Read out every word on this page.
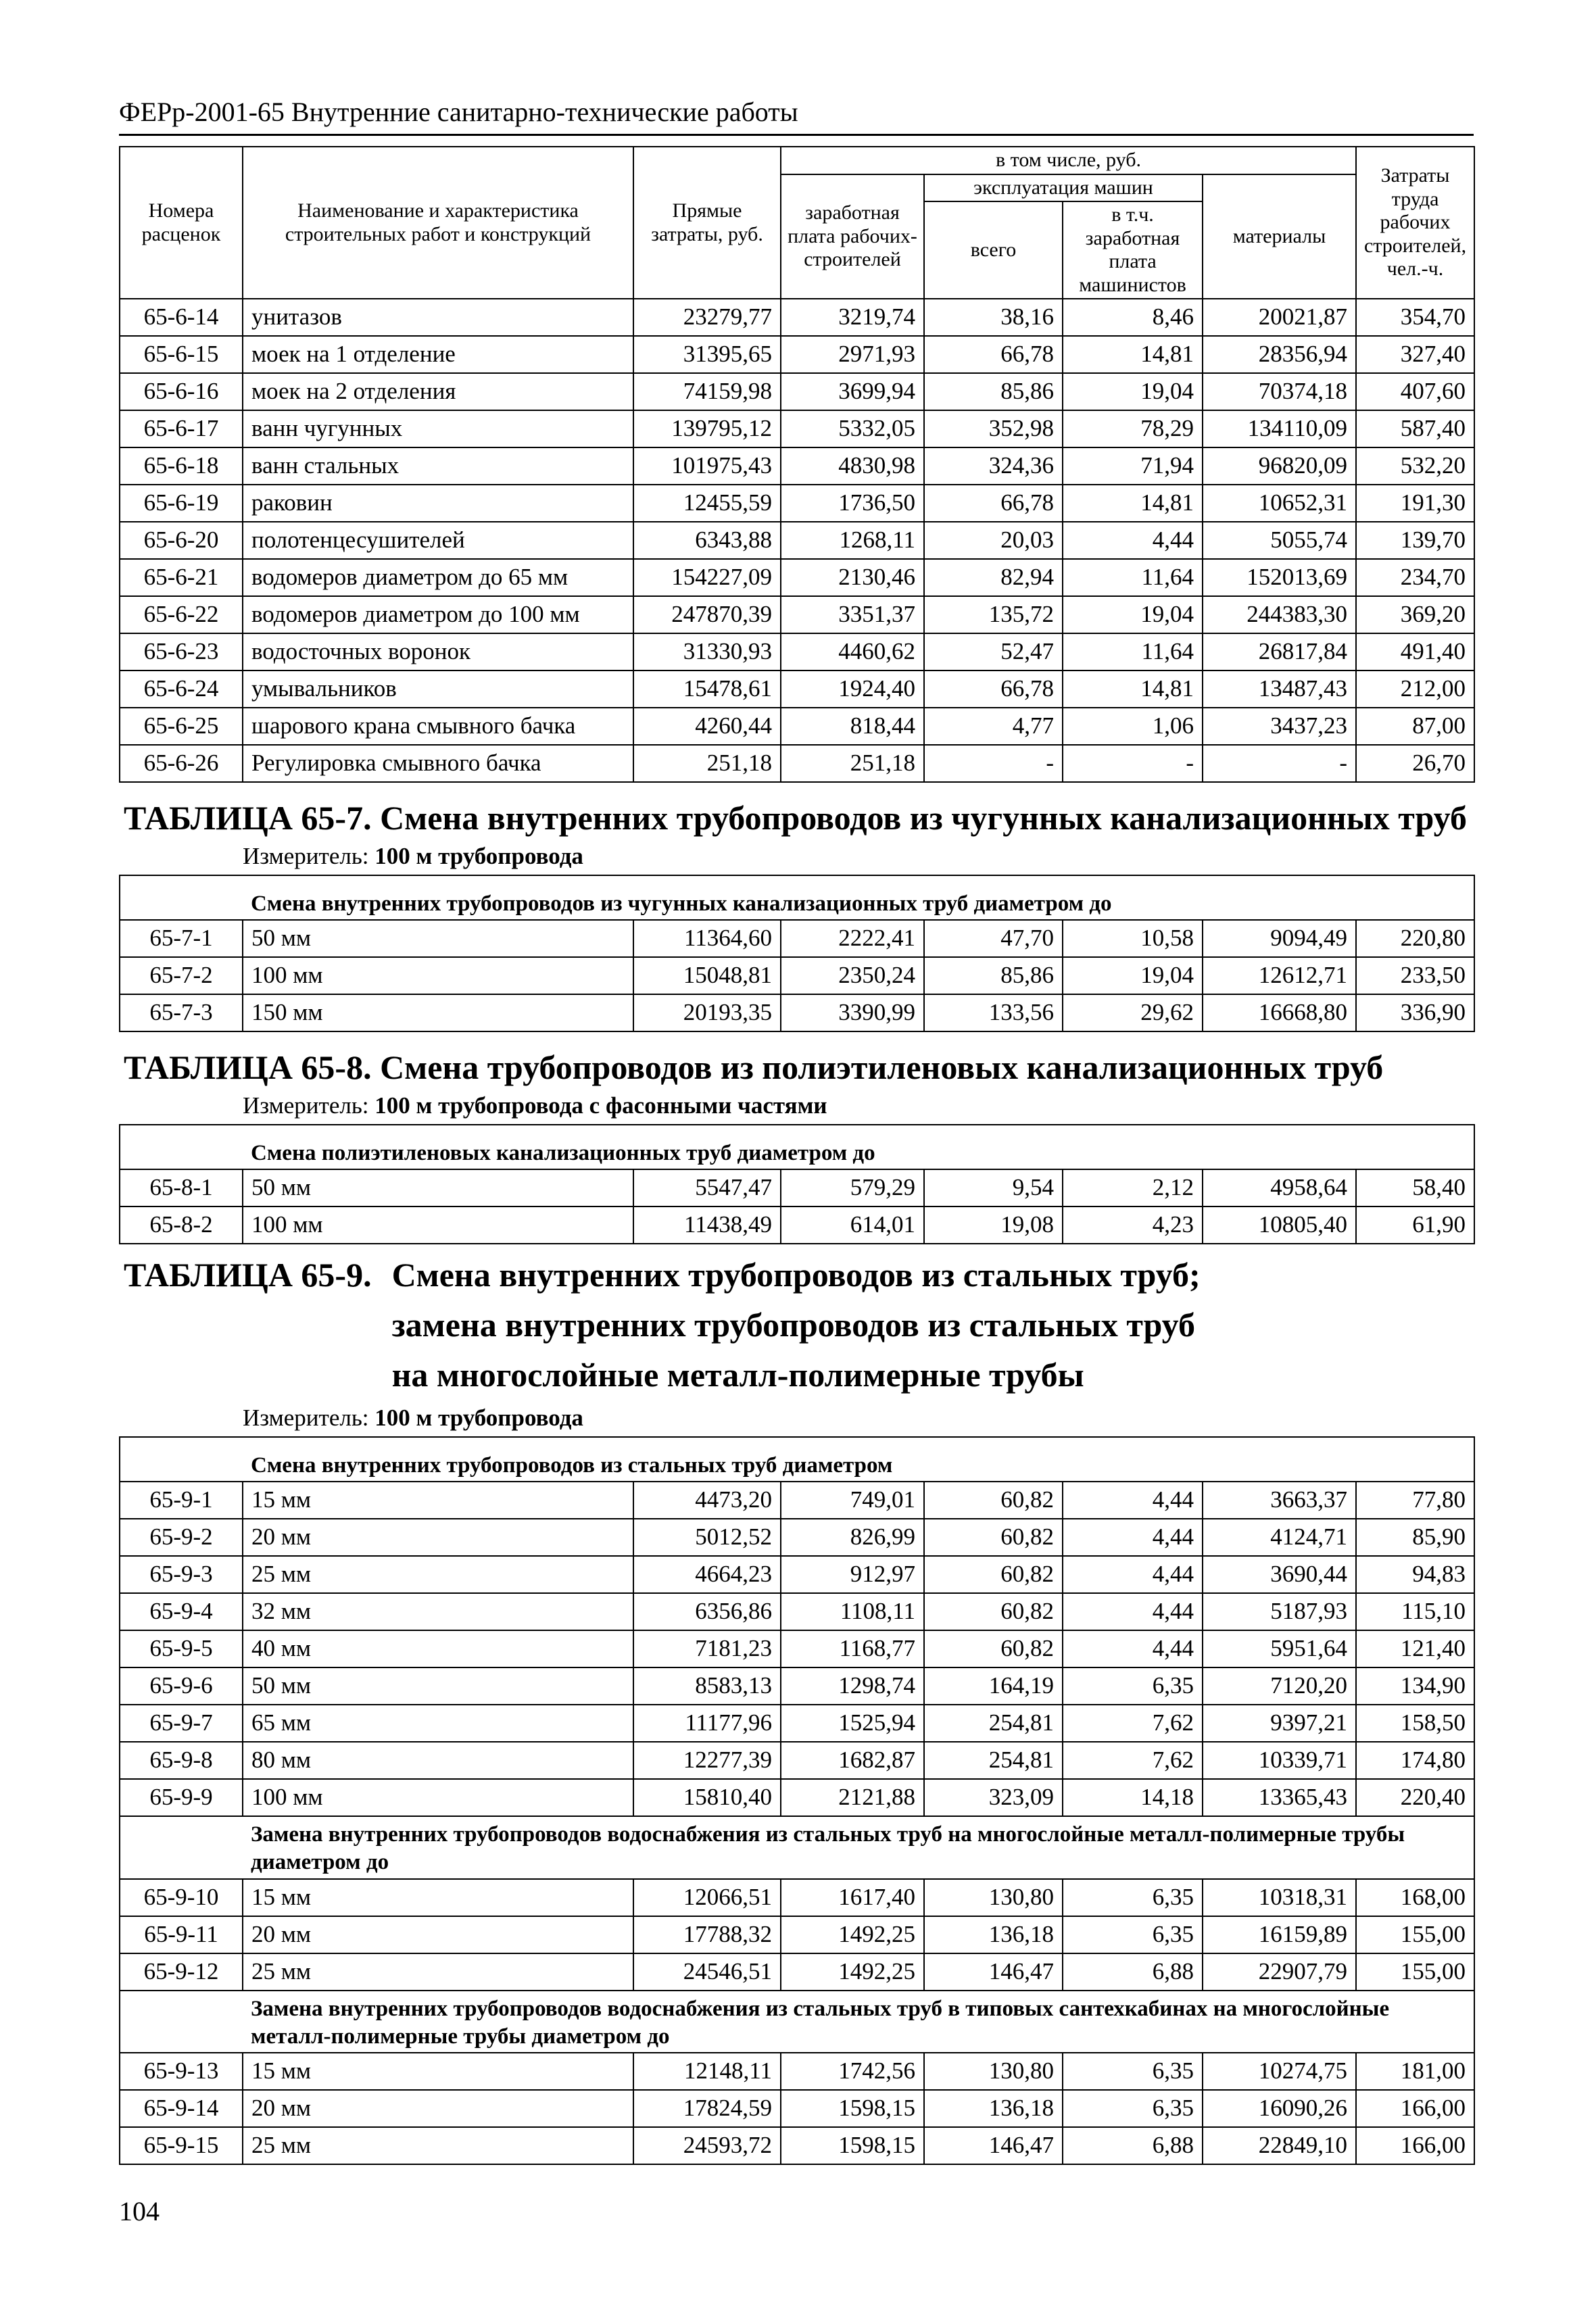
ФЕРр-2001-65 Внутренние санитарно-технические работы
Номера расценок	Наименование и характеристика строительных работ и конструкций	Прямые затраты, руб.	в том числе, руб.				Затраты труда рабочих строителей, чел.-ч.
			заработная плата рабочих-строителей	эксплуатация машин		материалы	
				всего	в т.ч. заработная плата машинистов		
65-6-14	унитазов	23279,77	3219,74	38,16	8,46	20021,87	354,70
65-6-15	моек на 1 отделение	31395,65	2971,93	66,78	14,81	28356,94	327,40
65-6-16	моек на 2 отделения	74159,98	3699,94	85,86	19,04	70374,18	407,60
65-6-17	ванн чугунных	139795,12	5332,05	352,98	78,29	134110,09	587,40
65-6-18	ванн стальных	101975,43	4830,98	324,36	71,94	96820,09	532,20
65-6-19	раковин	12455,59	1736,50	66,78	14,81	10652,31	191,30
65-6-20	полотенцесушителей	6343,88	1268,11	20,03	4,44	5055,74	139,70
65-6-21	водомеров диаметром до 65 мм	154227,09	2130,46	82,94	11,64	152013,69	234,70
65-6-22	водомеров диаметром до 100 мм	247870,39	3351,37	135,72	19,04	244383,30	369,20
65-6-23	водосточных воронок	31330,93	4460,62	52,47	11,64	26817,84	491,40
65-6-24	умывальников	15478,61	1924,40	66,78	14,81	13487,43	212,00
65-6-25	шарового крана смывного бачка	4260,44	818,44	4,77	1,06	3437,23	87,00
65-6-26	Регулировка смывного бачка	251,18	251,18	-	-	-	26,70
ТАБЛИЦА 65-7. Смена внутренних трубопроводов из чугунных канализационных труб							
Измеритель: 100 м трубопровода							
	Смена внутренних трубопроводов из чугунных канализационных труб диаметром до						
65-7-1	50 мм	11364,60	2222,41	47,70	10,58	9094,49	220,80
65-7-2	100 мм	15048,81	2350,24	85,86	19,04	12612,71	233,50
65-7-3	150 мм	20193,35	3390,99	133,56	29,62	16668,80	336,90
ТАБЛИЦА 65-8. Смена трубопроводов из полиэтиленовых канализационных труб							
Измеритель: 100 м трубопровода с фасонными частями							
	Смена полиэтиленовых канализационных труб диаметром до						
65-8-1	50 мм	5547,47	579,29	9,54	2,12	4958,64	58,40
65-8-2	100 мм	11438,49	614,01	19,08	4,23	10805,40	61,90
ТАБЛИЦА 65-9. Смена внутренних трубопроводов из стальных труб;
замена внутренних трубопроводов из стальных труб
на многослойные металл-полимерные трубы							

Измеритель: 100 м трубопровода							
	Смена внутренних трубопроводов из стальных труб диаметром						
65-9-1	15 мм	4473,20	749,01	60,82	4,44	3663,37	77,80
65-9-2	20 мм	5012,52	826,99	60,82	4,44	4124,71	85,90
65-9-3	25 мм	4664,23	912,97	60,82	4,44	3690,44	94,83
65-9-4	32 мм	6356,86	1108,11	60,82	4,44	5187,93	115,10
65-9-5	40 мм	7181,23	1168,77	60,82	4,44	5951,64	121,40
65-9-6	50 мм	8583,13	1298,74	164,19	6,35	7120,20	134,90
65-9-7	65 мм	11177,96	1525,94	254,81	7,62	9397,21	158,50
65-9-8	80 мм	12277,39	1682,87	254,81	7,62	10339,71	174,80
65-9-9	100 мм	15810,40	2121,88	323,09	14,18	13365,43	220,40
	Замена внутренних трубопроводов водоснабжения из стальных труб на многослойные металл-полимерные трубы диаметром до						
65-9-10	15 мм	12066,51	1617,40	130,80	6,35	10318,31	168,00
65-9-11	20 мм	17788,32	1492,25	136,18	6,35	16159,89	155,00
65-9-12	25 мм	24546,51	1492,25	146,47	6,88	22907,79	155,00
	Замена внутренних трубопроводов водоснабжения из стальных труб в типовых сантехкабинах на многослойные металл-полимерные трубы диаметром до						
65-9-13	15 мм	12148,11	1742,56	130,80	6,35	10274,75	181,00
65-9-14	20 мм	17824,59	1598,15	136,18	6,35	16090,26	166,00
65-9-15	25 мм	24593,72	1598,15	146,47	6,88	22849,10	166,00
104
